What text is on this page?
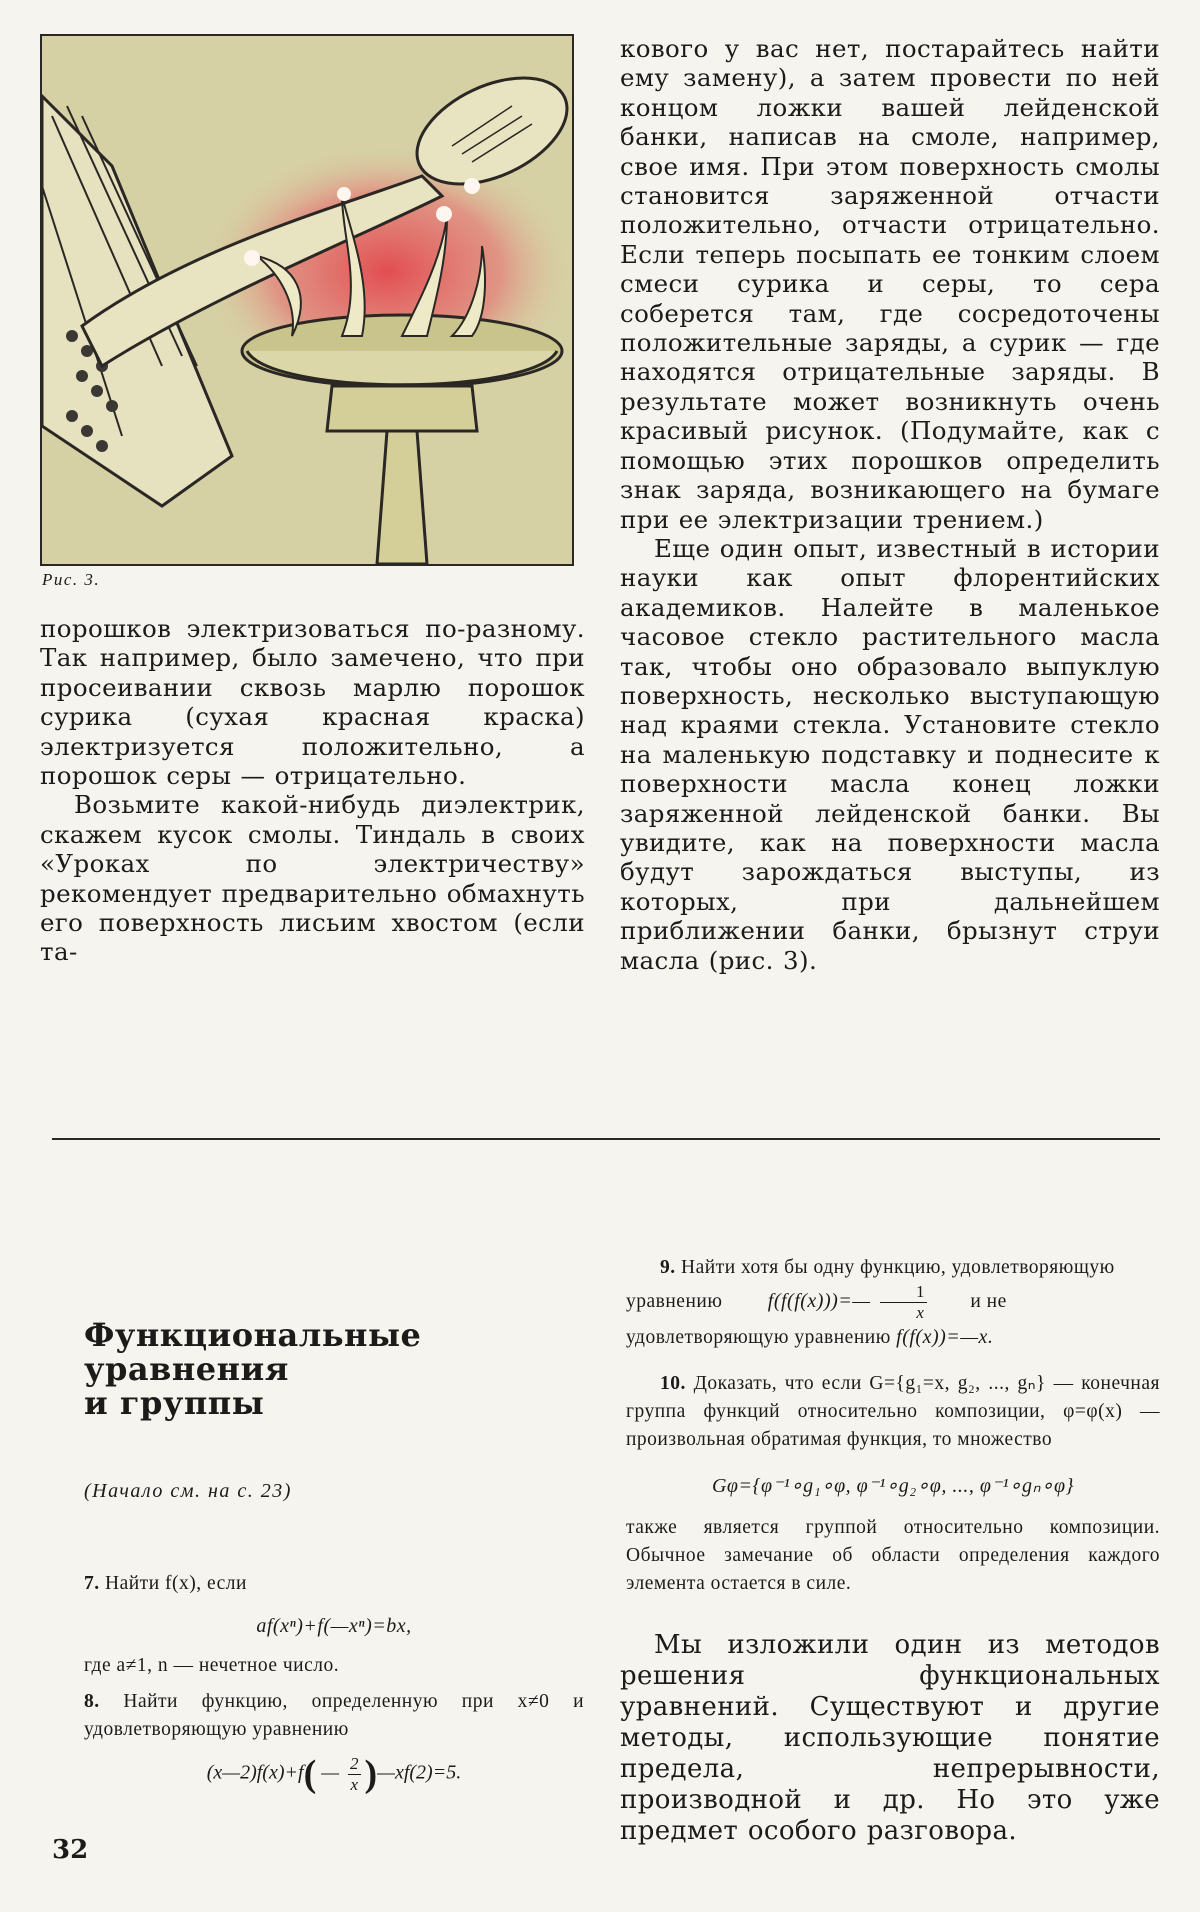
Рис. 3.

порошков электризоваться по-разному. Так например, было замечено, что при просеивании сквозь марлю порошок сурика (сухая красная краска) электризуется положительно, а порошок серы — отрицательно.

Возьмите какой-нибудь диэлектрик, скажем кусок смолы. Тиндаль в своих «Уроках по электричеству» рекомендует предварительно обмахнуть его поверхность лисьим хвостом (если та-

кового у вас нет, постарайтесь найти ему замену), а затем провести по ней концом ложки вашей лейденской банки, написав на смоле, например, свое имя. При этом поверхность смолы становится заряженной отчасти положительно, отчасти отрицательно. Если теперь посыпать ее тонким слоем смеси сурика и серы, то сера соберется там, где сосредоточены положительные заряды, а сурик — где находятся отрицательные заряды. В результате может возникнуть очень красивый рисунок. (Подумайте, как с помощью этих порошков определить знак заряда, возникающего на бумаге при ее электризации трением.)

Еще один опыт, известный в истории науки как опыт флорентийских академиков. Налейте в маленькое часовое стекло растительного масла так, чтобы оно образовало выпуклую поверхность, несколько выступающую над краями стекла. Установите стекло на маленькую подставку и поднесите к поверхности масла конец ложки заряженной лейденской банки. Вы увидите, как на поверхности масла будут зарождаться выступы, из которых, при дальнейшем приближении банки, брызнут струи масла (рис. 3).

Функциональные

уравнения

и группы

(Начало см. на с. 23)

7. Найти f(x), если

af(xⁿ)+f(—xⁿ)=bx,

где a≠1, n — нечетное число.

8. Найти функцию, определенную при x≠0 и удовлетворяющую уравнению

(x—2)f(x)+f( — $\frac{2}{x}$ )—xf(2)=5.

9. Найти хотя бы одну функцию, удовлетворяющую уравнению f(f(f(x)))=— $\frac{1}{x}$ и не

удовлетворяющую уравнению f(f(x))=—x.

10. Доказать, что если G={g₁=x, g₂, ..., gₙ} — конечная группа функций относительно композиции, φ=φ(x) — произвольная обратимая функция, то множество

Gφ={φ⁻¹∘g₁∘φ, φ⁻¹∘g₂∘φ, ..., φ⁻¹∘gₙ∘φ}

также является группой относительно композиции. Обычное замечание об области определения каждого элемента остается в силе.

Мы изложили один из методов решения функциональных уравнений. Существуют и другие методы, использующие понятие предела, непрерывности, производной и др. Но это уже предмет особого разговора.

32
